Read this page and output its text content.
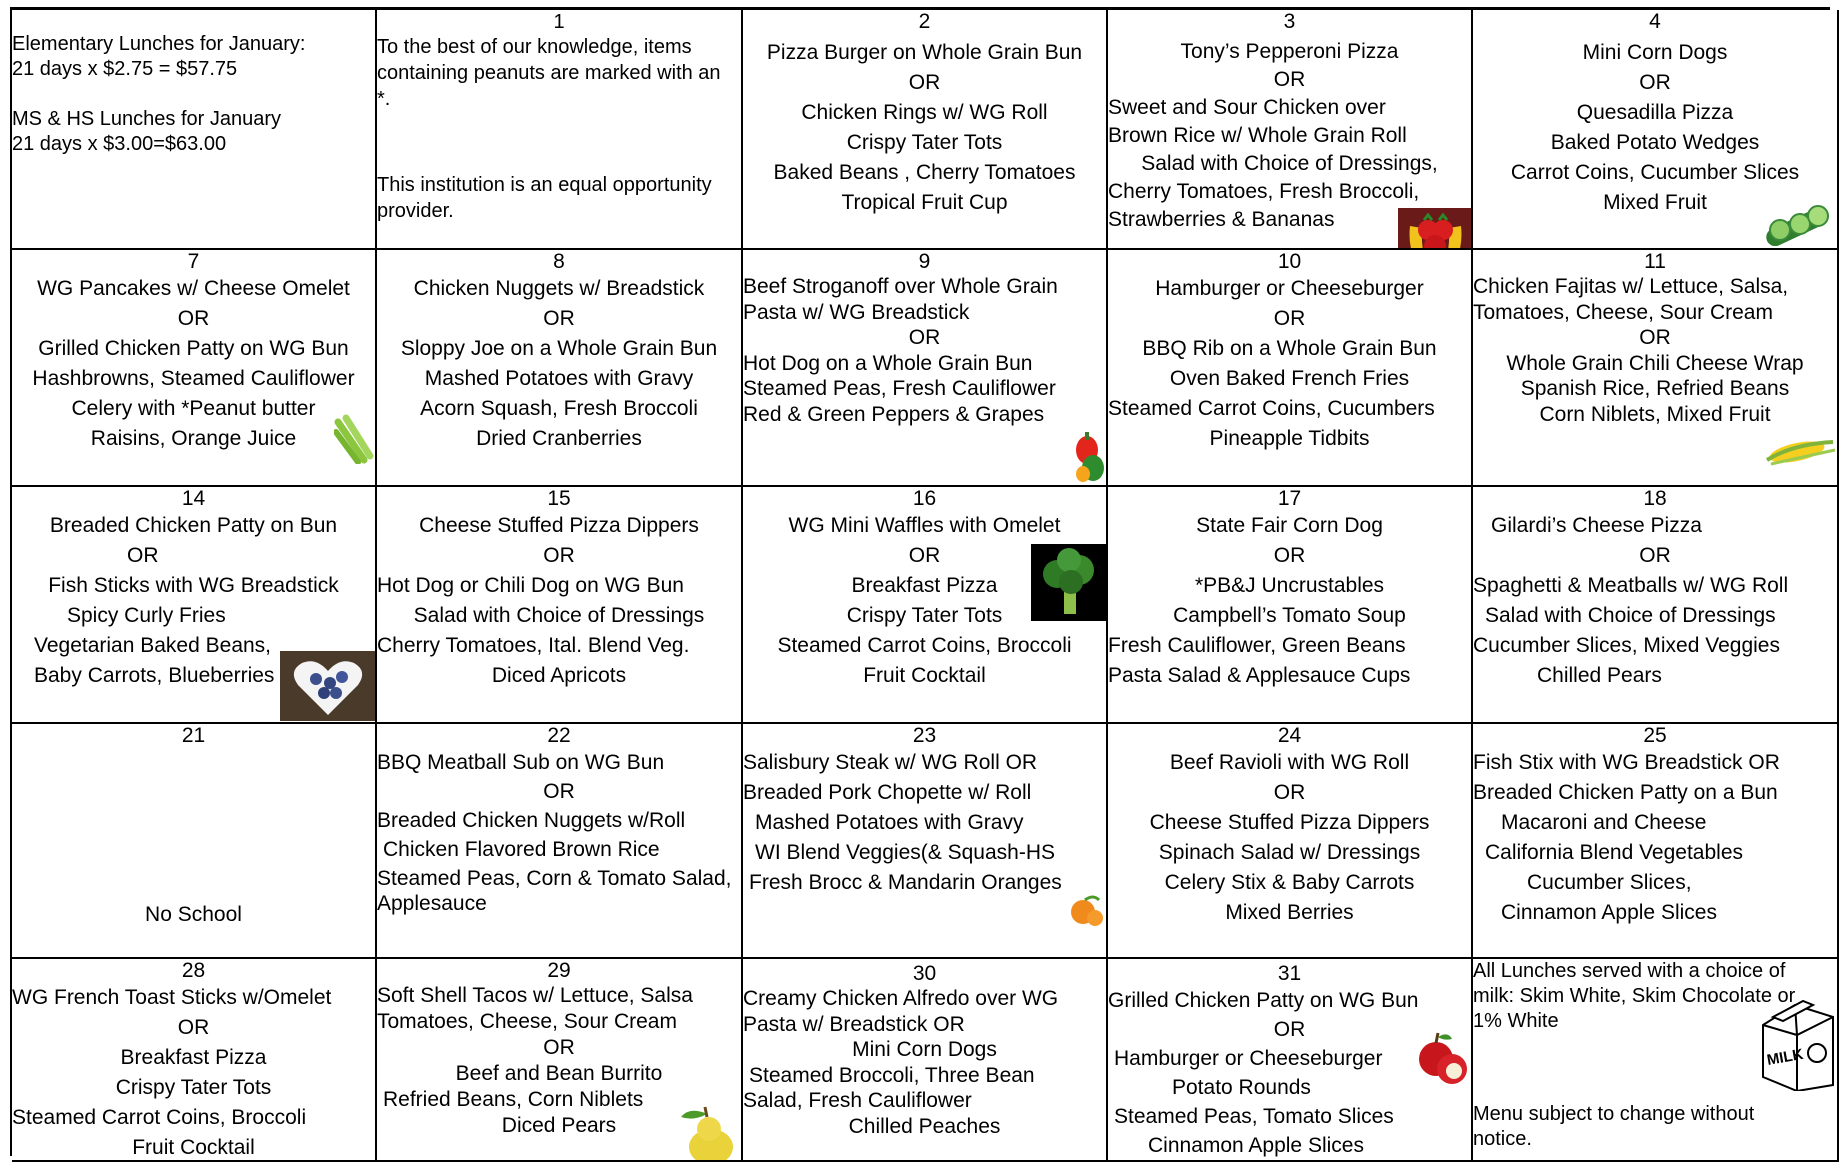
Elementary Lunches for January:
21 days x $2.75 = $57.75
MS & HS Lunches for January
21 days x $3.00=$63.00
1
To the best of our knowledge, items containing peanuts are marked with an *.
This institution is an equal opportunity provider.
2
Pizza Burger on Whole Grain Bun
OR
Chicken Rings w/ WG Roll
Crispy Tater Tots
Baked Beans , Cherry Tomatoes
Tropical Fruit Cup
3
Tony’s Pepperoni Pizza
OR
Sweet and Sour Chicken over
Brown Rice w/ Whole Grain Roll
Salad with Choice of Dressings,
Cherry Tomatoes, Fresh Broccoli,
Strawberries & Bananas
4
Mini Corn Dogs
OR
Quesadilla Pizza
Baked Potato Wedges
Carrot Coins, Cucumber Slices
Mixed Fruit
7
WG Pancakes w/ Cheese Omelet
OR
Grilled Chicken Patty on WG Bun
Hashbrowns, Steamed Cauliflower
Celery with *Peanut butter
Raisins, Orange Juice
8
Chicken Nuggets w/ Breadstick
OR
Sloppy Joe on a Whole Grain Bun
Mashed Potatoes with Gravy
Acorn Squash, Fresh Broccoli
Dried Cranberries
9
Beef Stroganoff over Whole Grain
Pasta w/ WG Breadstick
OR
Hot Dog on a Whole Grain Bun
Steamed Peas, Fresh Cauliflower
Red & Green Peppers & Grapes
10
Hamburger or Cheeseburger
OR
BBQ Rib on a Whole Grain Bun
Oven Baked French Fries
Steamed Carrot Coins, Cucumbers
Pineapple Tidbits
11
Chicken Fajitas w/ Lettuce, Salsa,
Tomatoes, Cheese, Sour Cream
OR
Whole Grain Chili Cheese Wrap
Spanish Rice, Refried Beans
Corn Niblets, Mixed Fruit
14
Breaded Chicken Patty on Bun
OR
Fish Sticks with WG Breadstick
Spicy Curly Fries
Vegetarian Baked Beans,
Baby Carrots, Blueberries
15
Cheese Stuffed Pizza Dippers
OR
Hot Dog or Chili Dog on WG Bun
Salad with Choice of Dressings
Cherry Tomatoes, Ital. Blend Veg.
Diced Apricots
16
WG Mini Waffles with Omelet
OR
Breakfast Pizza
Crispy Tater Tots
Steamed Carrot Coins, Broccoli
Fruit Cocktail
17
State Fair Corn Dog
OR
*PB&J Uncrustables
Campbell’s Tomato Soup
Fresh Cauliflower, Green Beans
Pasta Salad & Applesauce Cups
18
Gilardi’s Cheese Pizza
OR
Spaghetti & Meatballs w/ WG Roll
Salad with Choice of Dressings
Cucumber Slices, Mixed Veggies
Chilled Pears
21
No School
22
BBQ Meatball Sub on WG Bun
OR
Breaded Chicken Nuggets w/Roll
Chicken Flavored Brown Rice
Steamed Peas, Corn & Tomato Salad,
Applesauce
23
Salisbury Steak w/ WG Roll OR
Breaded Pork Chopette w/ Roll
Mashed Potatoes with Gravy
WI Blend Veggies(& Squash-HS
Fresh Brocc & Mandarin Oranges
24
Beef Ravioli with WG Roll
OR
Cheese Stuffed Pizza Dippers
Spinach Salad w/ Dressings
Celery Stix & Baby Carrots
Mixed Berries
25
Fish Stix with WG Breadstick OR
Breaded Chicken Patty on a Bun
Macaroni and Cheese
California Blend Vegetables
Cucumber Slices,
Cinnamon Apple Slices
28
WG French Toast Sticks w/Omelet
OR
Breakfast Pizza
Crispy Tater Tots
Steamed Carrot Coins, Broccoli
Fruit Cocktail
29
Soft Shell Tacos w/ Lettuce, Salsa
Tomatoes, Cheese, Sour Cream
OR
Beef and Bean Burrito
Refried Beans, Corn Niblets
Diced Pears
30
Creamy Chicken Alfredo over WG
Pasta w/ Breadstick OR
Mini Corn Dogs
Steamed Broccoli, Three Bean
Salad, Fresh Cauliflower
Chilled Peaches
31
Grilled Chicken Patty on WG Bun
OR
Hamburger or Cheeseburger
Potato Rounds
Steamed Peas, Tomato Slices
Cinnamon Apple Slices
All Lunches served with a choice of milk: Skim White, Skim Chocolate or 1% White
Menu subject to change without notice.
MILK
